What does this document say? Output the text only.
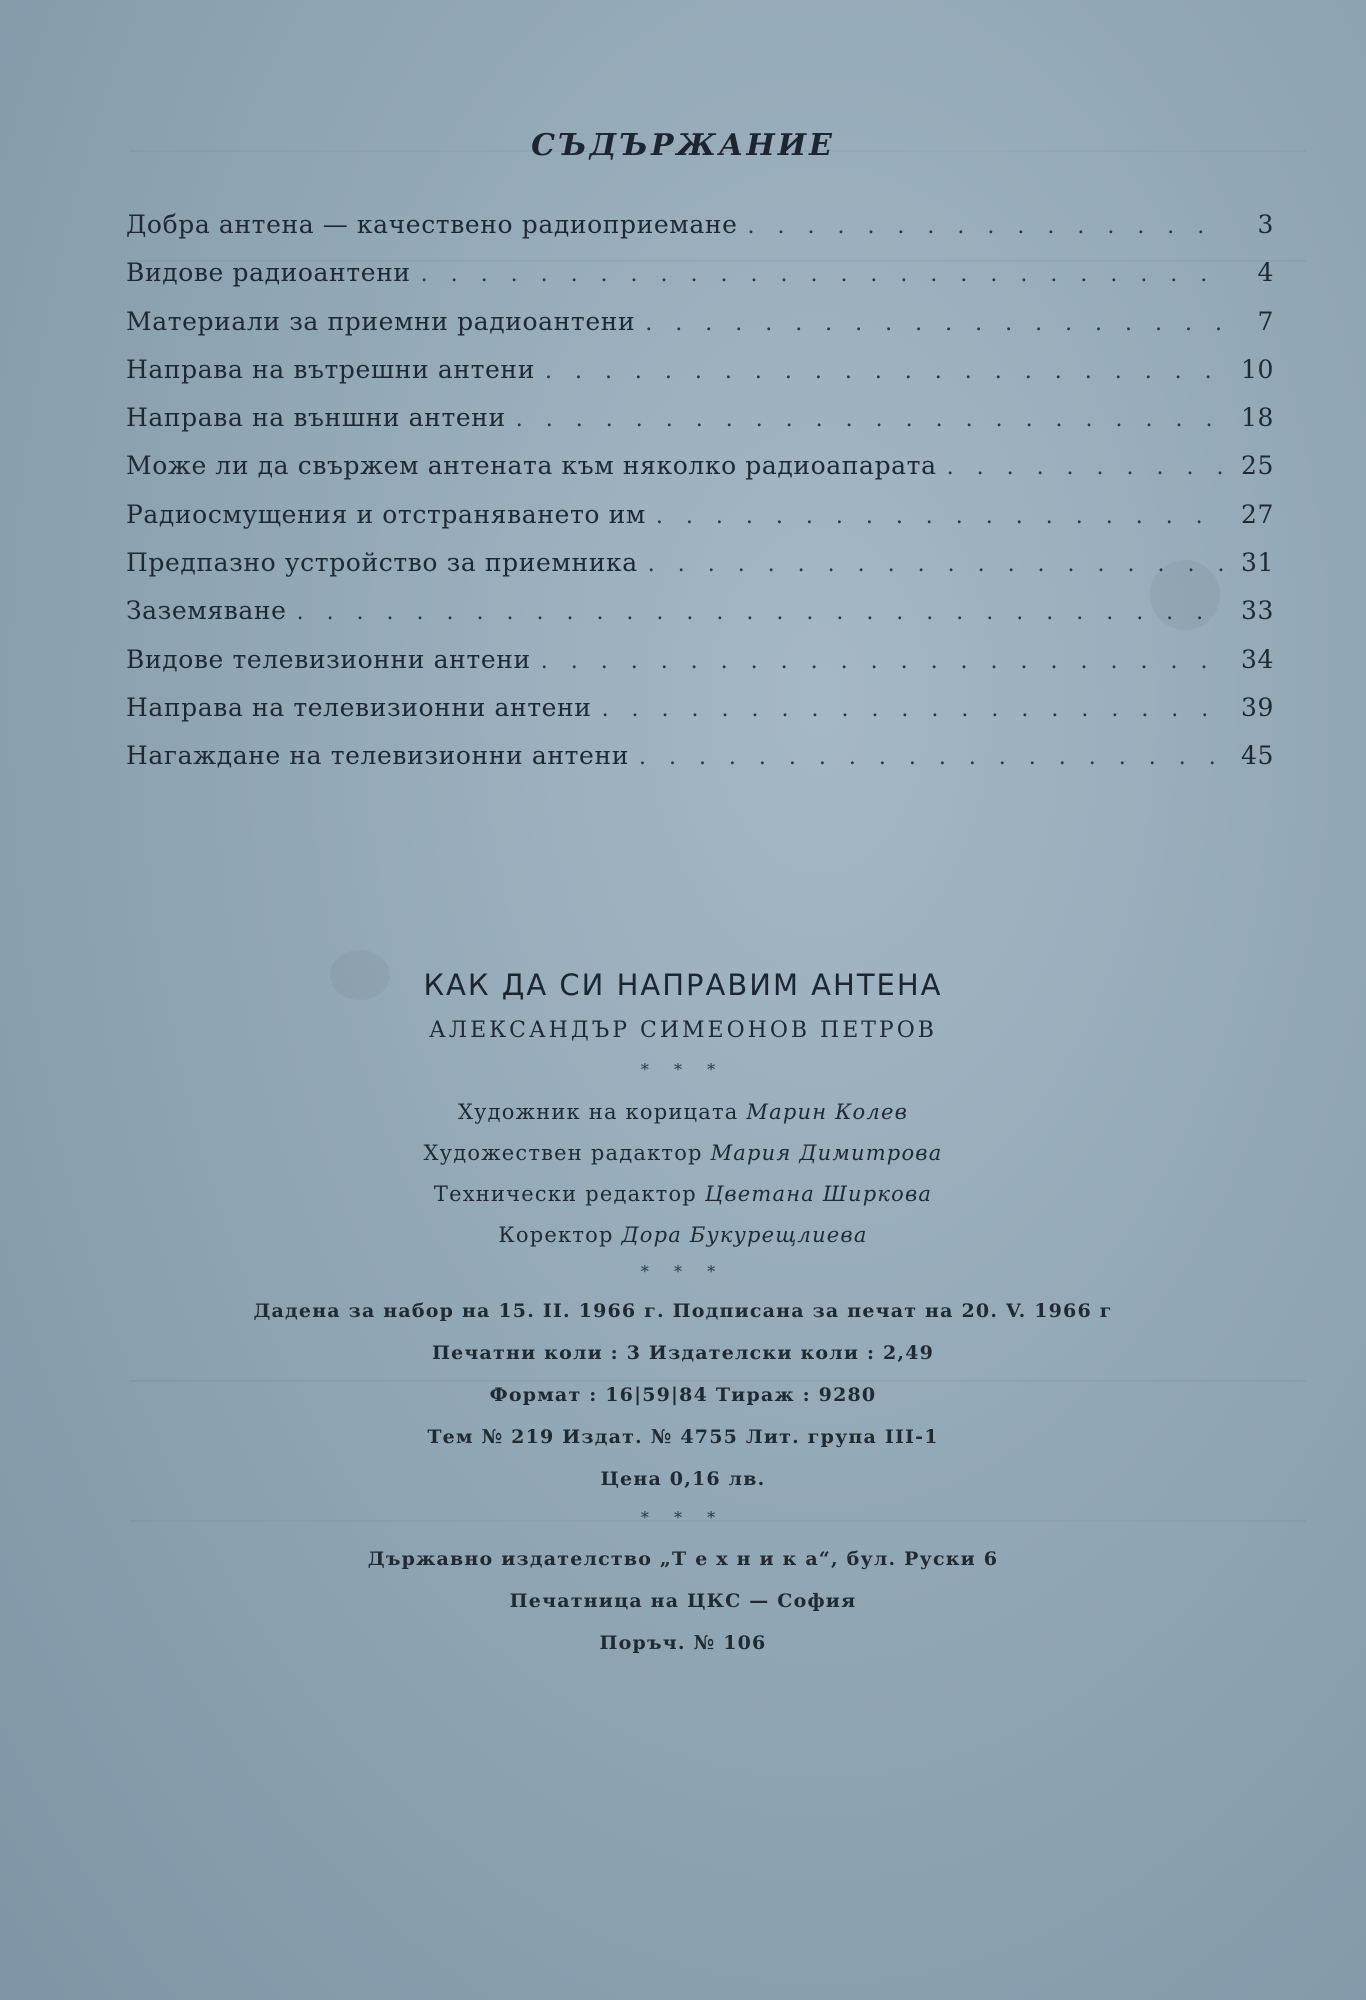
СЪДЪРЖАНИЕ
Добра антена — качествено радиоприемане . . .	3
Видове радиоантени . . .	4
Материали за приемни радиоантени . . .	7
Направа на вътрешни антени . . .	10
Направа на външни антени . . .	18
Може ли да свържем антената към няколко радиоапарата . . .	25
Радиосмущения и отстраняването им . . .	27
Предпазно устройство за приемника . . .	31
Заземяване . . .	33
Видове телевизионни антени . . .	34
Направа на телевизионни антени . . .	39
Нагаждане на телевизионни антени . . .	45
КАК ДА СИ НАПРАВИМ АНТЕНА
АЛЕКСАНДЪР СИМЕОНОВ ПЕТРОВ
* * *
Художник на корицата Марин Колев
Художествен радактор Мария Димитрова
Технически редактор Цветана Ширкова
Коректор Дора Букурещлиева
* * *
Дадена за набор на 15. II. 1966 г. Подписана за печат на 20. V. 1966 г
Печатни коли : 3 Издателски коли : 2,49
Формат : 16|59|84 Тираж : 9280
Тем № 219 Издат. № 4755 Лит. група III-1
Цена 0,16 лв.
* * *
Държавно издателство „Т е х н и к а“, бул. Руски 6
Печатница на ЦКС — София
Поръч. № 106
